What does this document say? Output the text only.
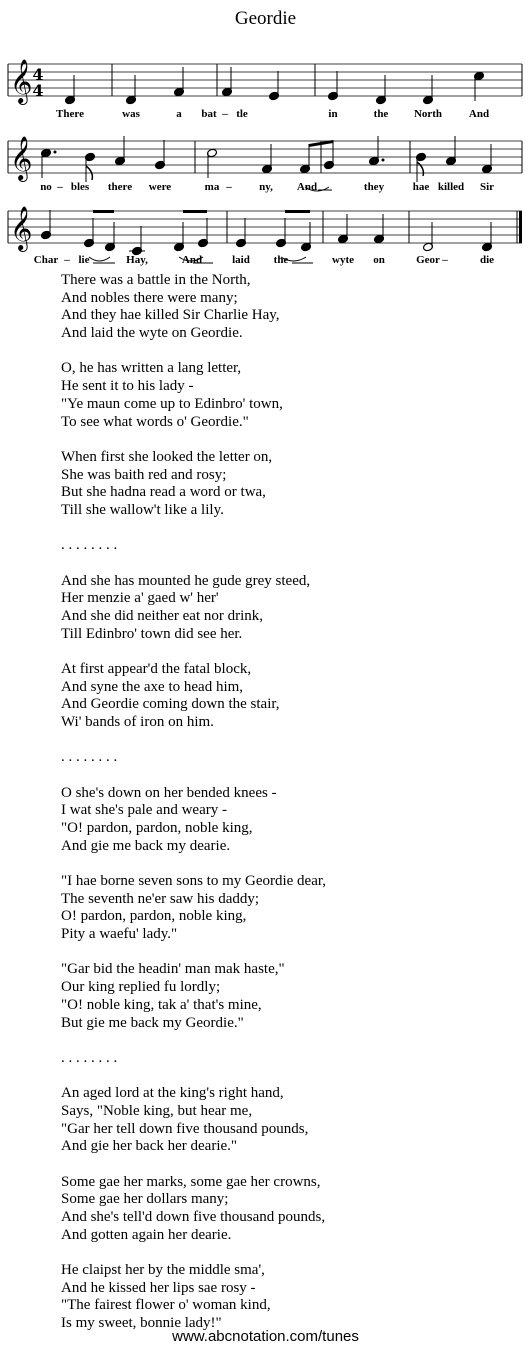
Geordie
𝄞
𝄞
𝄞
4
4
There	was	a bat – tle	in	the North And
no – bles there were	ma – ny, And	they	hae killed Sir
Char – lie	Hay,	And	laid the	wyte on	Geor –	die
There was a battle in the North,
And nobles there were many;
And they hae killed Sir Charlie Hay,
And laid the wyte on Geordie.
O, he has written a lang letter,
He sent it to his lady -
"Ye maun come up to Edinbro' town,
To see what words o' Geordie."
When first she looked the letter on,
She was baith red and rosy;
But she hadna read a word or twa,
Till she wallow't like a lily.
. . . . . . . .
And she has mounted he gude grey steed,
Her menzie a' gaed w' her'
And she did neither eat nor drink,
Till Edinbro' town did see her.
At first appear'd the fatal block,
And syne the axe to head him,
And Geordie coming down the stair,
Wi' bands of iron on him.
. . . . . . . .
O she's down on her bended knees -
I wat she's pale and weary -
"O! pardon, pardon, noble king,
And gie me back my dearie.
"I hae borne seven sons to my Geordie dear,
The seventh ne'er saw his daddy;
O! pardon, pardon, noble king,
Pity a waefu' lady."
"Gar bid the headin' man mak haste,"
Our king replied fu lordly;
"O! noble king, tak a' that's mine,
But gie me back my Geordie."
. . . . . . . .
An aged lord at the king's right hand,
Says, "Noble king, but hear me,
"Gar her tell down five thousand pounds,
And gie her back her dearie."
Some gae her marks, some gae her crowns,
Some gae her dollars many;
And she's tell'd down five thousand pounds,
And gotten again her dearie.
He claipst her by the middle sma',
And he kissed her lips sae rosy -
"The fairest flower o' woman kind,
Is my sweet, bonnie lady!"
www.abcnotation.com/tunes
